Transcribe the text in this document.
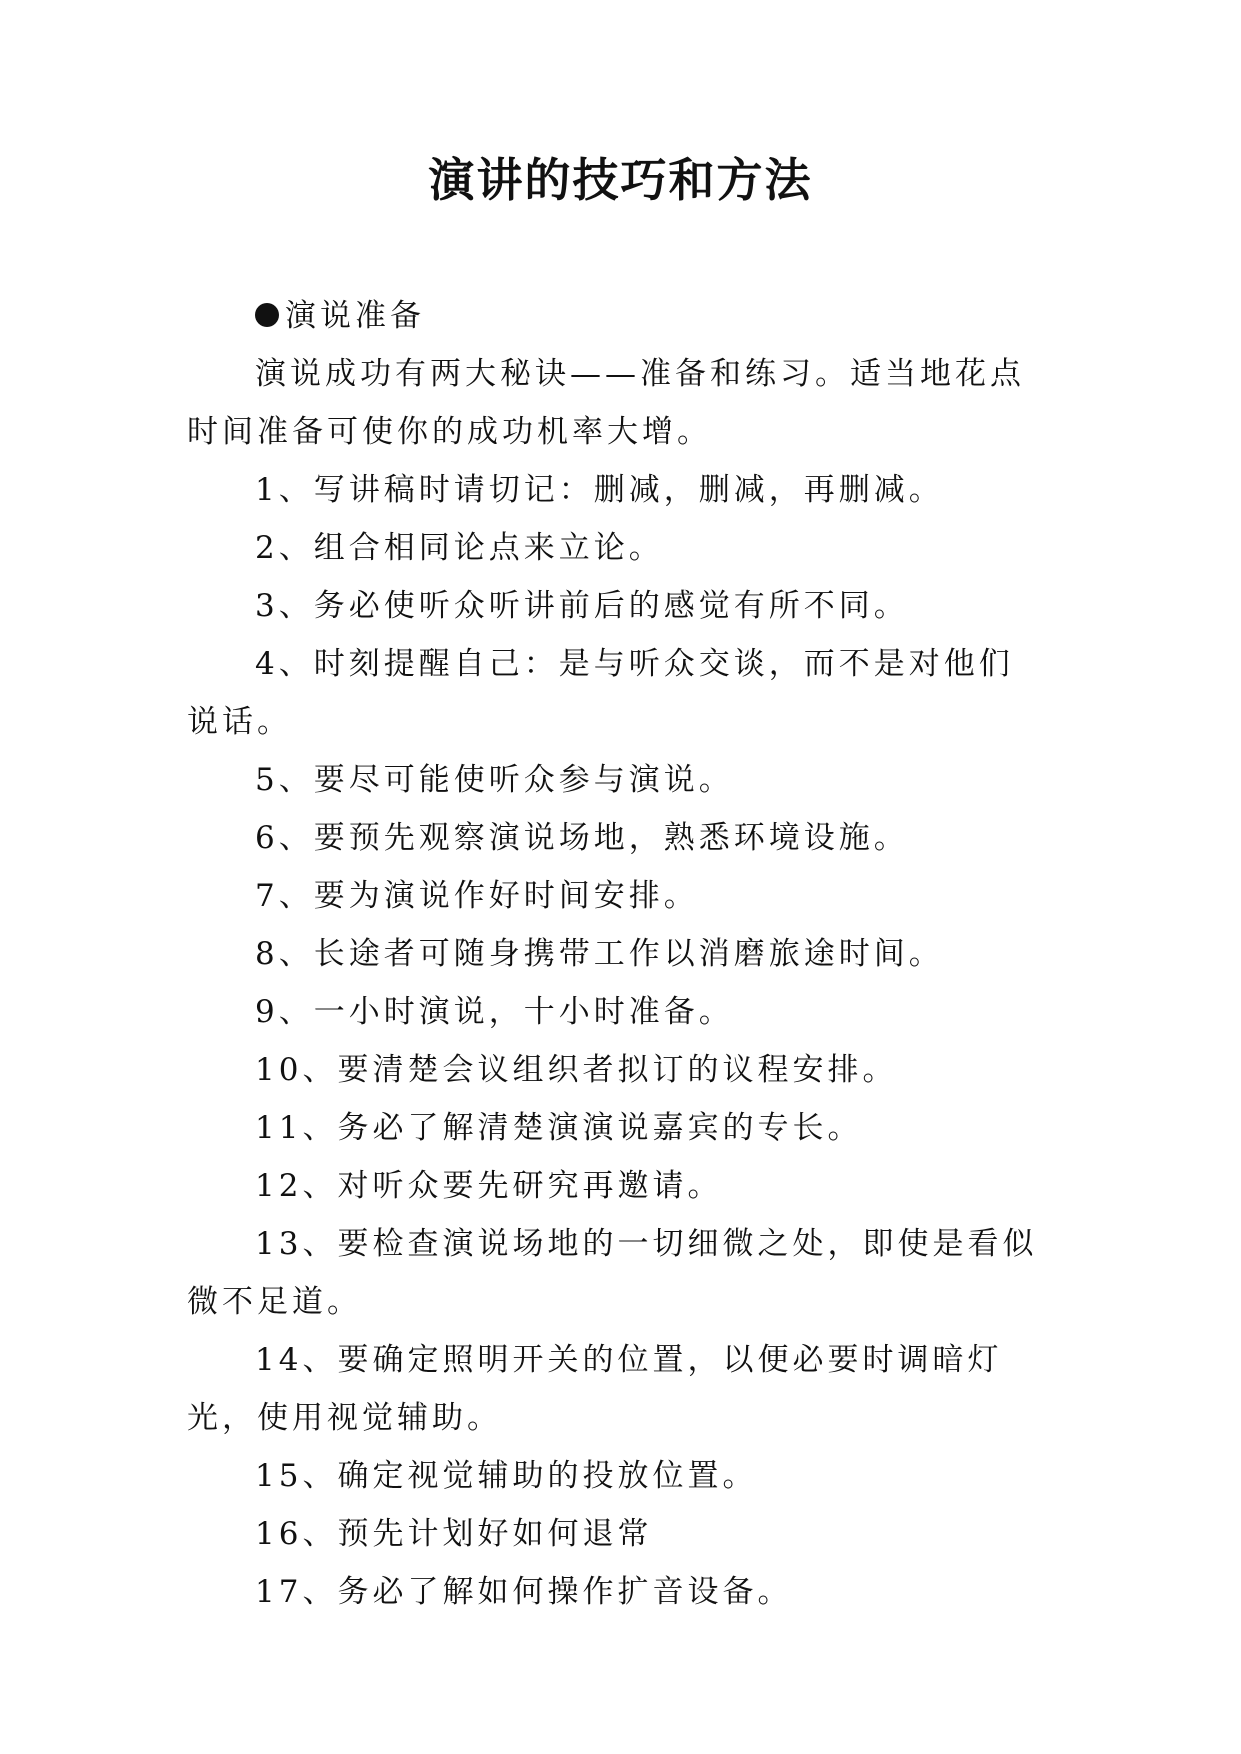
演讲的技巧和方法

演说准备

演说成功有两大秘诀——准备和练习。适当地花点时间准备可使你的成功机率大增。

1、写讲稿时请切记：删减，删减，再删减。

2、组合相同论点来立论。

3、务必使听众听讲前后的感觉有所不同。

4、时刻提醒自己：是与听众交谈，而不是对他们说话。

5、要尽可能使听众参与演说。

6、要预先观察演说场地，熟悉环境设施。

7、要为演说作好时间安排。

8、长途者可随身携带工作以消磨旅途时间。

9、一小时演说，十小时准备。

10、要清楚会议组织者拟订的议程安排。

11、务必了解清楚演演说嘉宾的专长。

12、对听众要先研究再邀请。

13、要检查演说场地的一切细微之处，即使是看似微不足道。

14、要确定照明开关的位置，以便必要时调暗灯光，使用视觉辅助。

15、确定视觉辅助的投放位置。

16、预先计划好如何退常

17、务必了解如何操作扩音设备。
